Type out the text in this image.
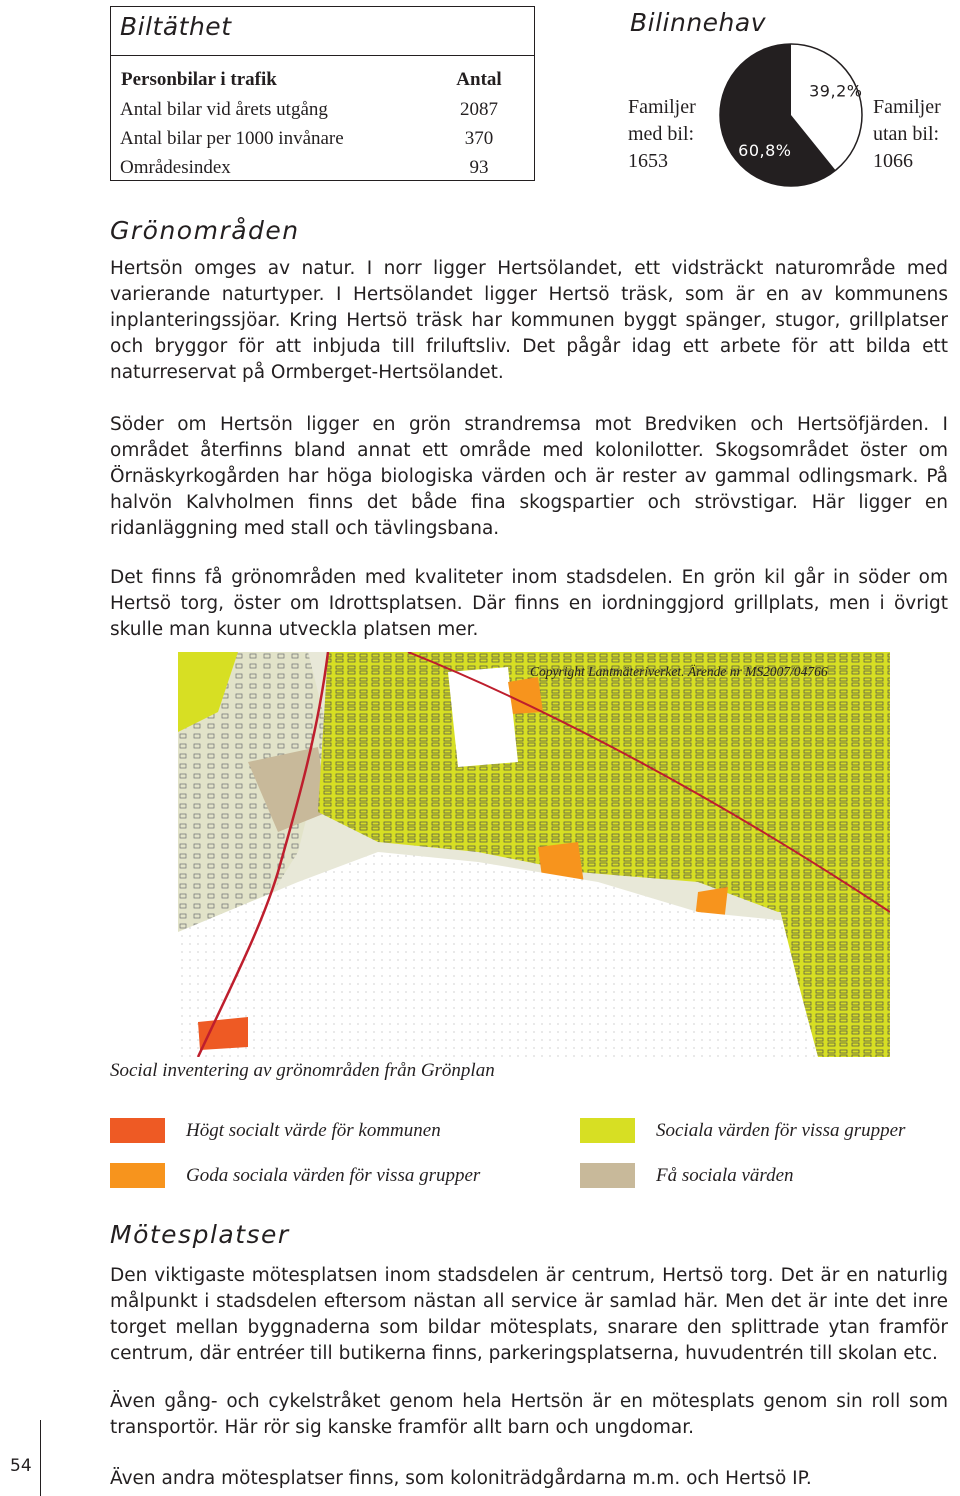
Biltäthet
Personbilar i trafik	Antal
Antal bilar vid årets utgång	2087
Antal bilar per 1000 invånare	370
Områdesindex	93
Bilinnehav
Familjer
med bil:
1653
Familjer
utan bil:
1066
60,8%
39,2%
Grönområden

Hertsön omges av natur. I norr ligger Hertsölandet, ett vidsträckt naturområde med varierande naturtyper. I Hertsölandet ligger Hertsö träsk, som är en av kommunens inplanteringssjöar. Kring Hertsö träsk har kommunen byggt spänger, stugor, grillplatser och bryggor för att inbjuda till friluftsliv. Det pågår idag ett arbete för att bilda ett naturreservat på Ormberget-Hertsölandet.

Söder om Hertsön ligger en grön strandremsa mot Bredviken och Hertsöfjärden. I området återfinns bland annat ett område med kolonilotter. Skogsområdet öster om Örnäskyrkogården har höga biologiska värden och är rester av gammal odlingsmark. På halvön Kalvholmen finns det både fina skogspartier och strövstigar. Här ligger en ridanläggning med stall och tävlingsbana.

Det finns få grönområden med kvaliteter inom stadsdelen. En grön kil går in söder om Hertsö torg, öster om Idrottsplatsen. Där finns en iordninggjord grillplats, men i övrigt skulle man kunna utveckla platsen mer.

Copyright Lantmäteriverket. Ärende nr MS2007/04766
Social inventering av grönområden från Grönplan
Högt socialt värde för kommunen	Sociala värden för vissa grupper
Goda sociala värden för vissa grupper	Få sociala värden
Mötesplatser

Den viktigaste mötesplatsen inom stadsdelen är centrum, Hertsö torg. Det är en naturlig målpunkt i stadsdelen eftersom nästan all service är samlad här. Men det är inte det inre torget mellan byggnaderna som bildar mötesplats, snarare den splittrade ytan framför centrum, där entréer till butikerna finns, parkeringsplatserna, huvudentrén till skolan etc.

Även gång- och cykelstråket genom hela Hertsön är en mötesplats genom sin roll som transportör. Här rör sig kanske framför allt barn och ungdomar.

Även andra mötesplatser finns, som koloniträdgårdarna m.m. och Hertsö IP.

54
